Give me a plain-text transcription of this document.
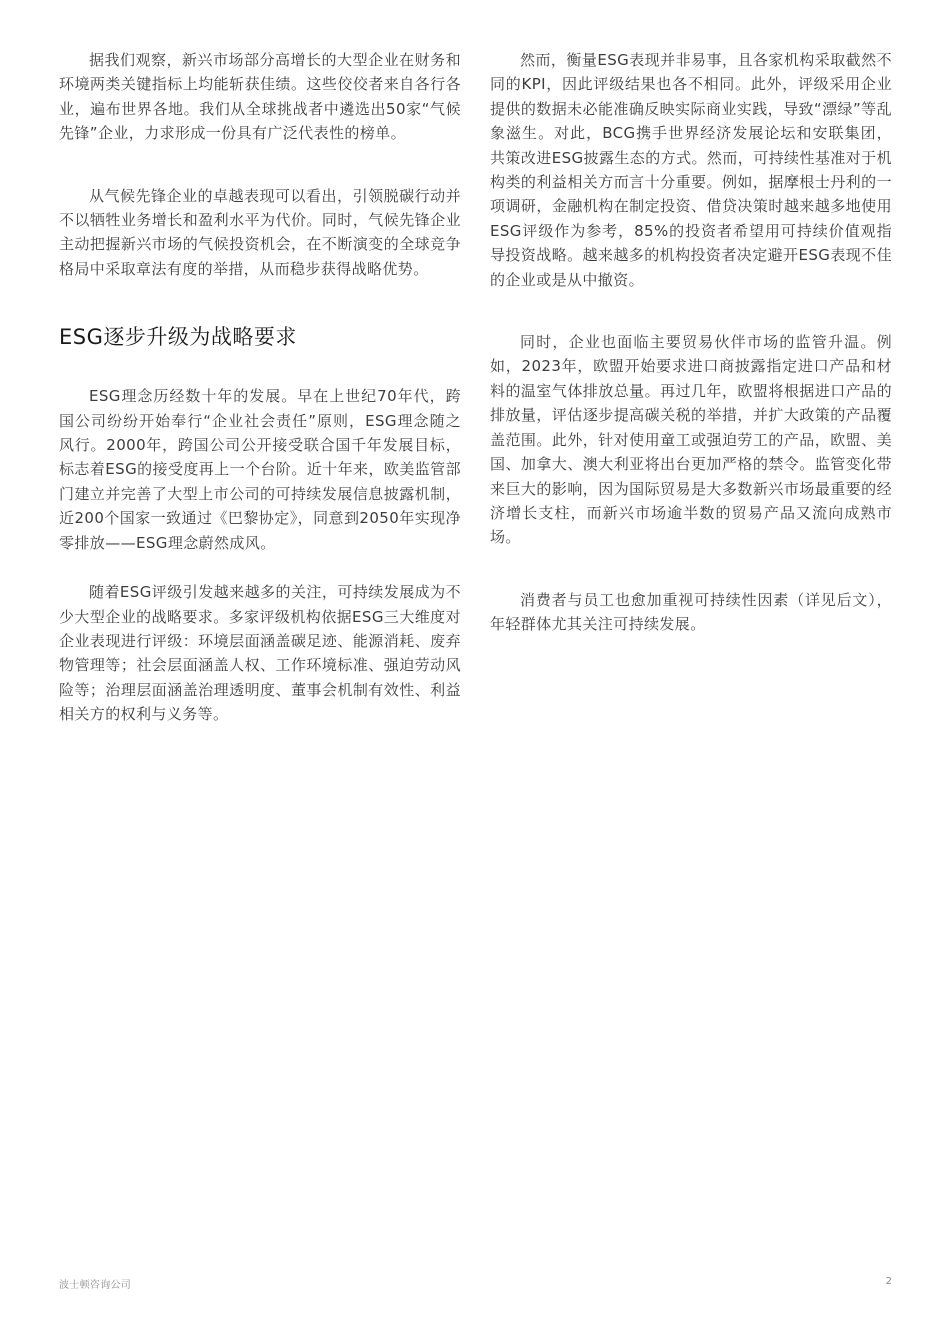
据我们观察，新兴市场部分高增长的大型企业在财务和环境两类关键指标上均能斩获佳绩。这些佼佼者来自各行各业，遍布世界各地。我们从全球挑战者中遴选出50家“气候先锋”企业，力求形成一份具有广泛代表性的榜单。

从气候先锋企业的卓越表现可以看出，引领脱碳行动并不以牺牲业务增长和盈利水平为代价。同时，气候先锋企业主动把握新兴市场的气候投资机会，在不断演变的全球竞争格局中采取章法有度的举措，从而稳步获得战略优势。

ESG逐步升级为战略要求

ESG理念历经数十年的发展。早在上世纪70年代，跨国公司纷纷开始奉行“企业社会责任”原则，ESG理念随之风行。2000年，跨国公司公开接受联合国千年发展目标，标志着ESG的接受度再上一个台阶。近十年来，欧美监管部门建立并完善了大型上市公司的可持续发展信息披露机制，近200个国家一致通过《巴黎协定》，同意到2050年实现净零排放——ESG理念蔚然成风。

随着ESG评级引发越来越多的关注，可持续发展成为不少大型企业的战略要求。多家评级机构依据ESG三大维度对企业表现进行评级：环境层面涵盖碳足迹、能源消耗、废弃物管理等；社会层面涵盖人权、工作环境标准、强迫劳动风险等；治理层面涵盖治理透明度、董事会机制有效性、利益相关方的权利与义务等。

然而，衡量ESG表现并非易事，且各家机构采取截然不同的KPI，因此评级结果也各不相同。此外，评级采用企业提供的数据未必能准确反映实际商业实践，导致“漂绿”等乱象滋生。对此，BCG携手世界经济发展论坛和安联集团，共策改进ESG披露生态的方式。然而，可持续性基准对于机构类的利益相关方而言十分重要。例如，据摩根士丹利的一项调研，金融机构在制定投资、借贷决策时越来越多地使用ESG评级作为参考，85%的投资者希望用可持续价值观指导投资战略。越来越多的机构投资者决定避开ESG表现不佳的企业或是从中撤资。

同时，企业也面临主要贸易伙伴市场的监管升温。例如，2023年，欧盟开始要求进口商披露指定进口产品和材料的温室气体排放总量。再过几年，欧盟将根据进口产品的排放量，评估逐步提高碳关税的举措，并扩大政策的产品覆盖范围。此外，针对使用童工或强迫劳工的产品，欧盟、美国、加拿大、澳大利亚将出台更加严格的禁令。监管变化带来巨大的影响，因为国际贸易是大多数新兴市场最重要的经济增长支柱，而新兴市场逾半数的贸易产品又流向成熟市场。

消费者与员工也愈加重视可持续性因素（详见后文），年轻群体尤其关注可持续发展。

波士顿咨询公司	2
